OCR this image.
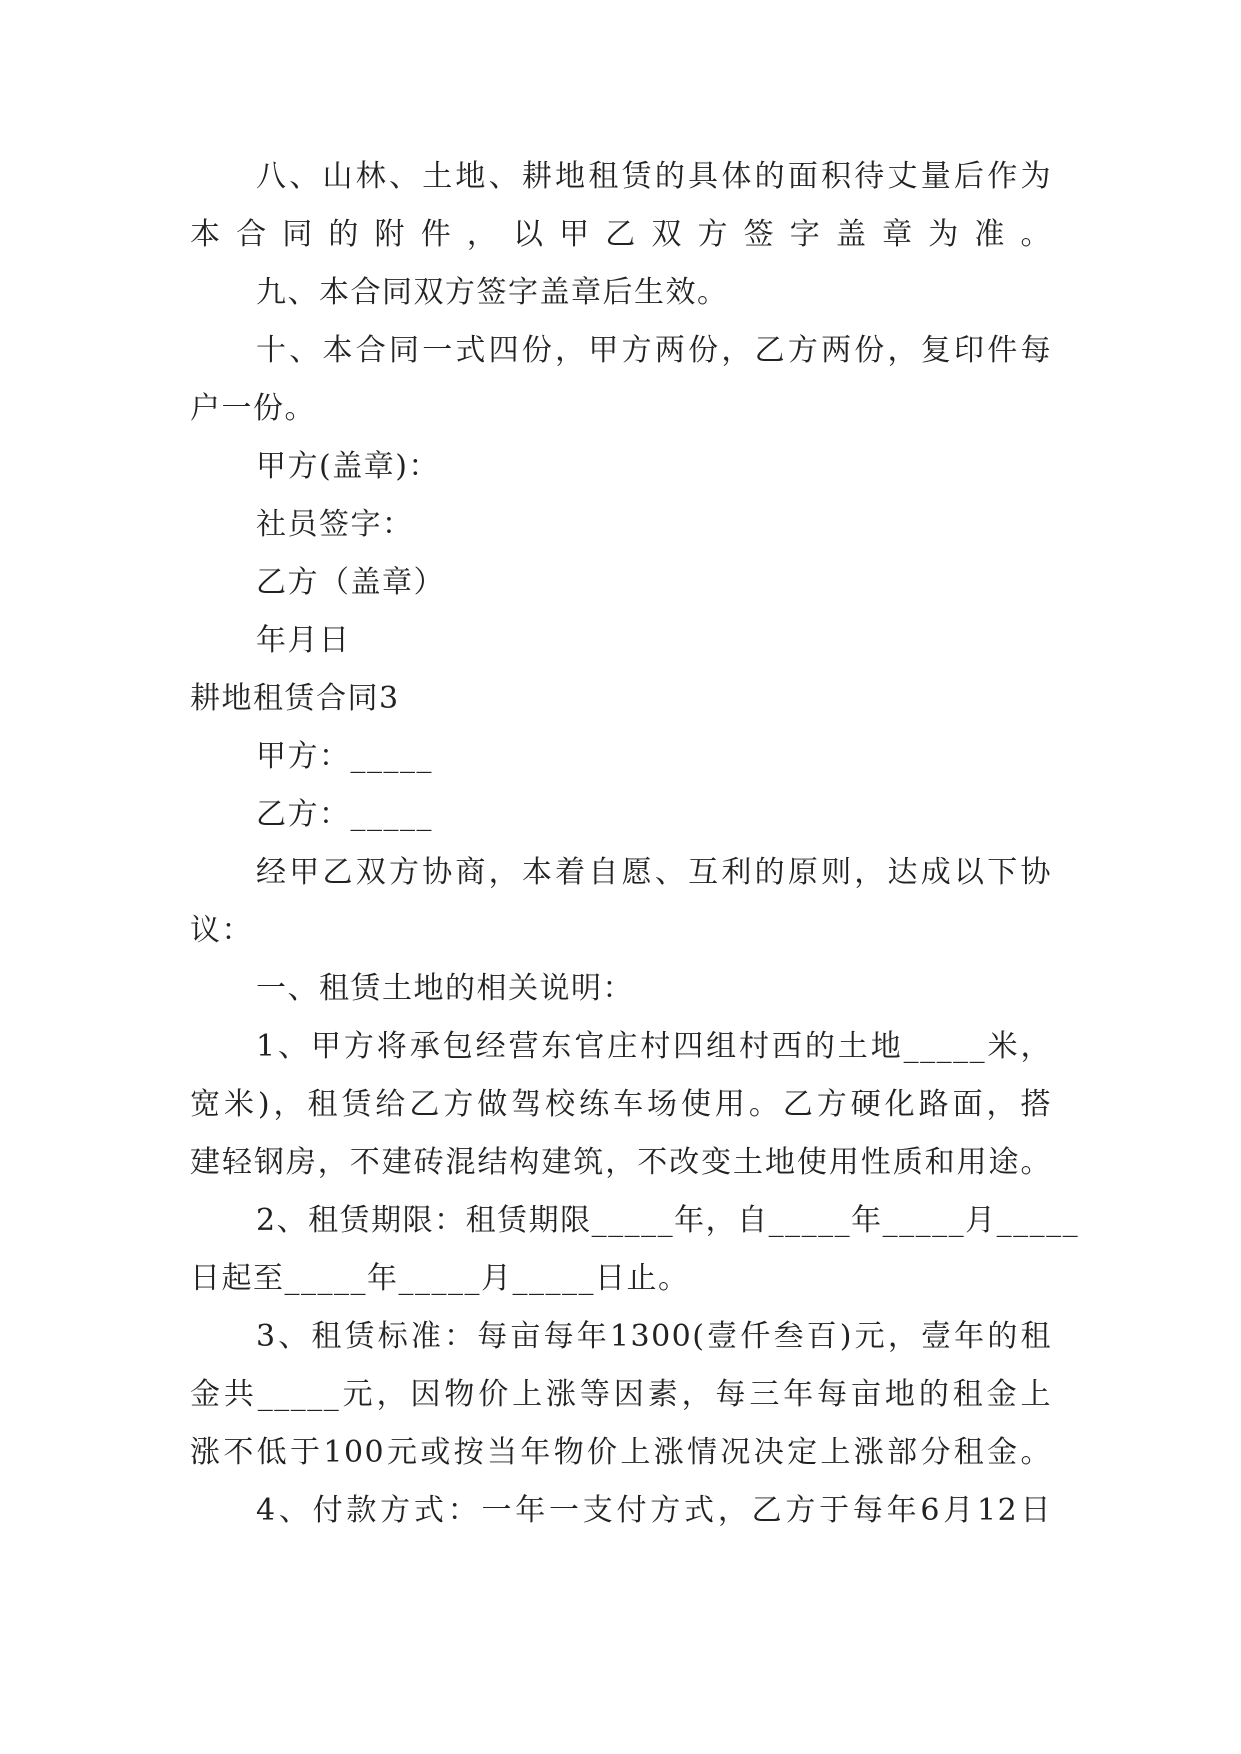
八、山林、土地、耕地租赁的具体的面积待丈量后作为
本合同的附件，以甲乙双方签字盖章为准。
九、本合同双方签字盖章后生效。
十、本合同一式四份，甲方两份，乙方两份，复印件每
户一份。
甲方(盖章)：
社员签字：
乙方（盖章）
年月日
耕地租赁合同3
甲方：_____
乙方：_____
经甲乙双方协商，本着自愿、互利的原则，达成以下协
议：
一、租赁土地的相关说明：
1、甲方将承包经营东官庄村四组村西的土地_____米，
宽米)，租赁给乙方做驾校练车场使用。乙方硬化路面，搭
建轻钢房，不建砖混结构建筑，不改变土地使用性质和用途。
2、租赁期限：租赁期限_____年，自_____年_____月_____
日起至_____年_____月_____日止。
3、租赁标准：每亩每年1300(壹仟叁百)元，壹年的租
金共_____元，因物价上涨等因素，每三年每亩地的租金上
涨不低于100元或按当年物价上涨情况决定上涨部分租金。
4、付款方式：一年一支付方式，乙方于每年6月12日
